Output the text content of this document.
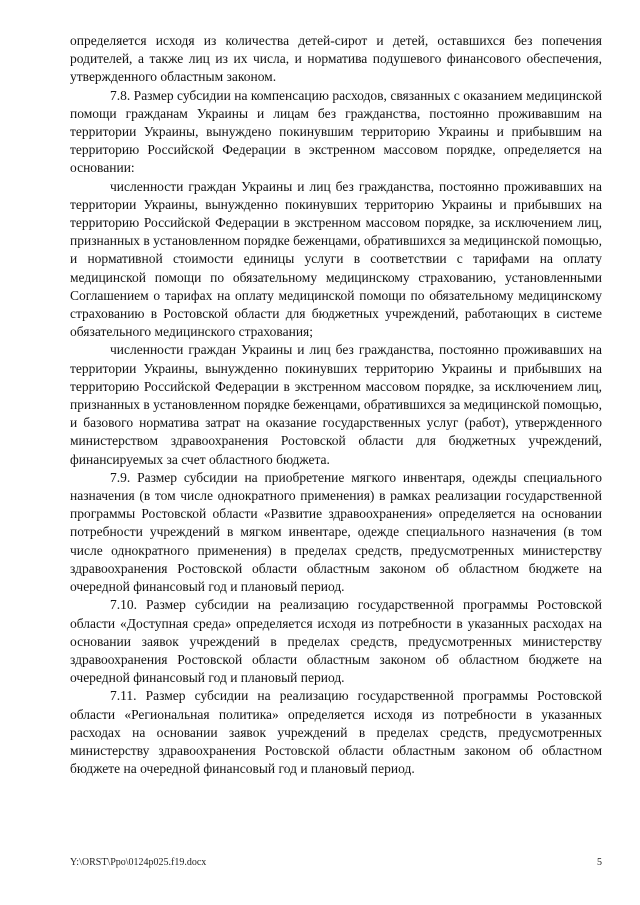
определяется исходя из количества детей-сирот и детей, оставшихся без попечения родителей, а также лиц из их числа, и норматива подушевого финансового обеспечения, утвержденного областным законом.

7.8. Размер субсидии на компенсацию расходов, связанных с оказанием медицинской помощи гражданам Украины и лицам без гражданства, постоянно проживавшим на территории Украины, вынуждено покинувшим территорию Украины и прибывшим на территорию Российской Федерации в экстренном массовом порядке, определяется на основании:

численности граждан Украины и лиц без гражданства, постоянно проживавших на территории Украины, вынужденно покинувших территорию Украины и прибывших на территорию Российской Федерации в экстренном массовом порядке, за исключением лиц, признанных в установленном порядке беженцами, обратившихся за медицинской помощью, и нормативной стоимости единицы услуги в соответствии с тарифами на оплату медицинской помощи по обязательному медицинскому страхованию, установленными Соглашением о тарифах на оплату медицинской помощи по обязательному медицинскому страхованию в Ростовской области для бюджетных учреждений, работающих в системе обязательного медицинского страхования;

численности граждан Украины и лиц без гражданства, постоянно проживавших на территории Украины, вынужденно покинувших территорию Украины и прибывших на территорию Российской Федерации в экстренном массовом порядке, за исключением лиц, признанных в установленном порядке беженцами, обратившихся за медицинской помощью, и базового норматива затрат на оказание государственных услуг (работ), утвержденного министерством здравоохранения Ростовской области для бюджетных учреждений, финансируемых за счет областного бюджета.

7.9. Размер субсидии на приобретение мягкого инвентаря, одежды специального назначения (в том числе однократного применения) в рамках реализации государственной программы Ростовской области «Развитие здравоохранения» определяется на основании потребности учреждений в мягком инвентаре, одежде специального назначения (в том числе однократного применения) в пределах средств, предусмотренных министерству здравоохранения Ростовской области областным законом об областном бюджете на очередной финансовый год и плановый период.

7.10. Размер субсидии на реализацию государственной программы Ростовской области «Доступная среда» определяется исходя из потребности в указанных расходах на основании заявок учреждений в пределах средств, предусмотренных министерству здравоохранения Ростовской области областным законом об областном бюджете на очередной финансовый год и плановый период.

7.11. Размер субсидии на реализацию государственной программы Ростовской области «Региональная политика» определяется исходя из потребности в указанных расходах на основании заявок учреждений в пределах средств, предусмотренных министерству здравоохранения Ростовской области областным законом об областном бюджете на очередной финансовый год и плановый период.

Y:\ORST\Ppo\0124p025.f19.docx	5
